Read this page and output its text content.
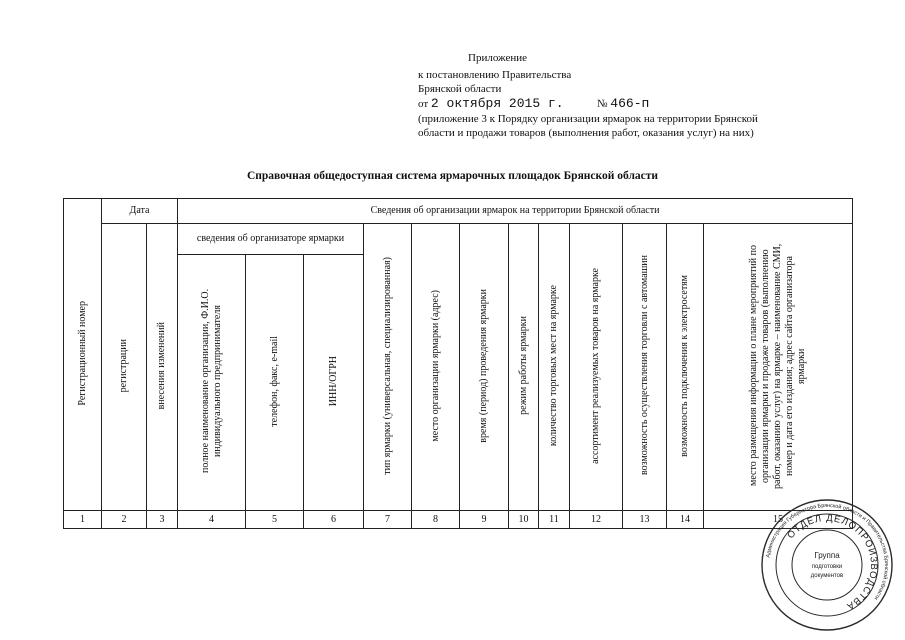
Приложение
к постановлению Правительства
Брянской области
от 2 октября 2015 г.	№ 466-п
(приложение 3 к Порядку организации ярмарок на территории Брянской
области и продажи товаров (выполнения работ, оказания услуг) на них)
Справочная общедоступная система ярмарочных площадок Брянской области
Регистрационный номер	Дата		Сведения об организации ярмарок на территории Брянской области											
	регистрации	внесения изменений	сведения об организаторе ярмарки			тип ярмарки (универсальная, специализированная)	место организации ярмарки (адрес)	время (период) проведения ярмарки	режим работы ярмарки	количество торговых мест на ярмарке	ассортимент реализуемых товаров на ярмарке	возможность осуществления торговли с автомашин	возможность подключения к электросетям	место размещения информации о плане мероприятий по организации ярмарки и продаже товаров (выполнению работ, оказанию услуг) на ярмарке – наименование СМИ, номер и дата его издания; адрес сайта организатора ярмарки
			полное наименование организации, Ф.И.О. индивидуального предпринимателя	телефон, факс, e-mail	ИНН/ОГРН									
1	2	3	4	5	6	7	8	9	10	11	12	13	14	15
Администрация Губернатора Брянской области и Правительства Брянской области
ОТДЕЛ ДЕЛОПРОИЗВОДСТВА
Группа
подготовки
документов
